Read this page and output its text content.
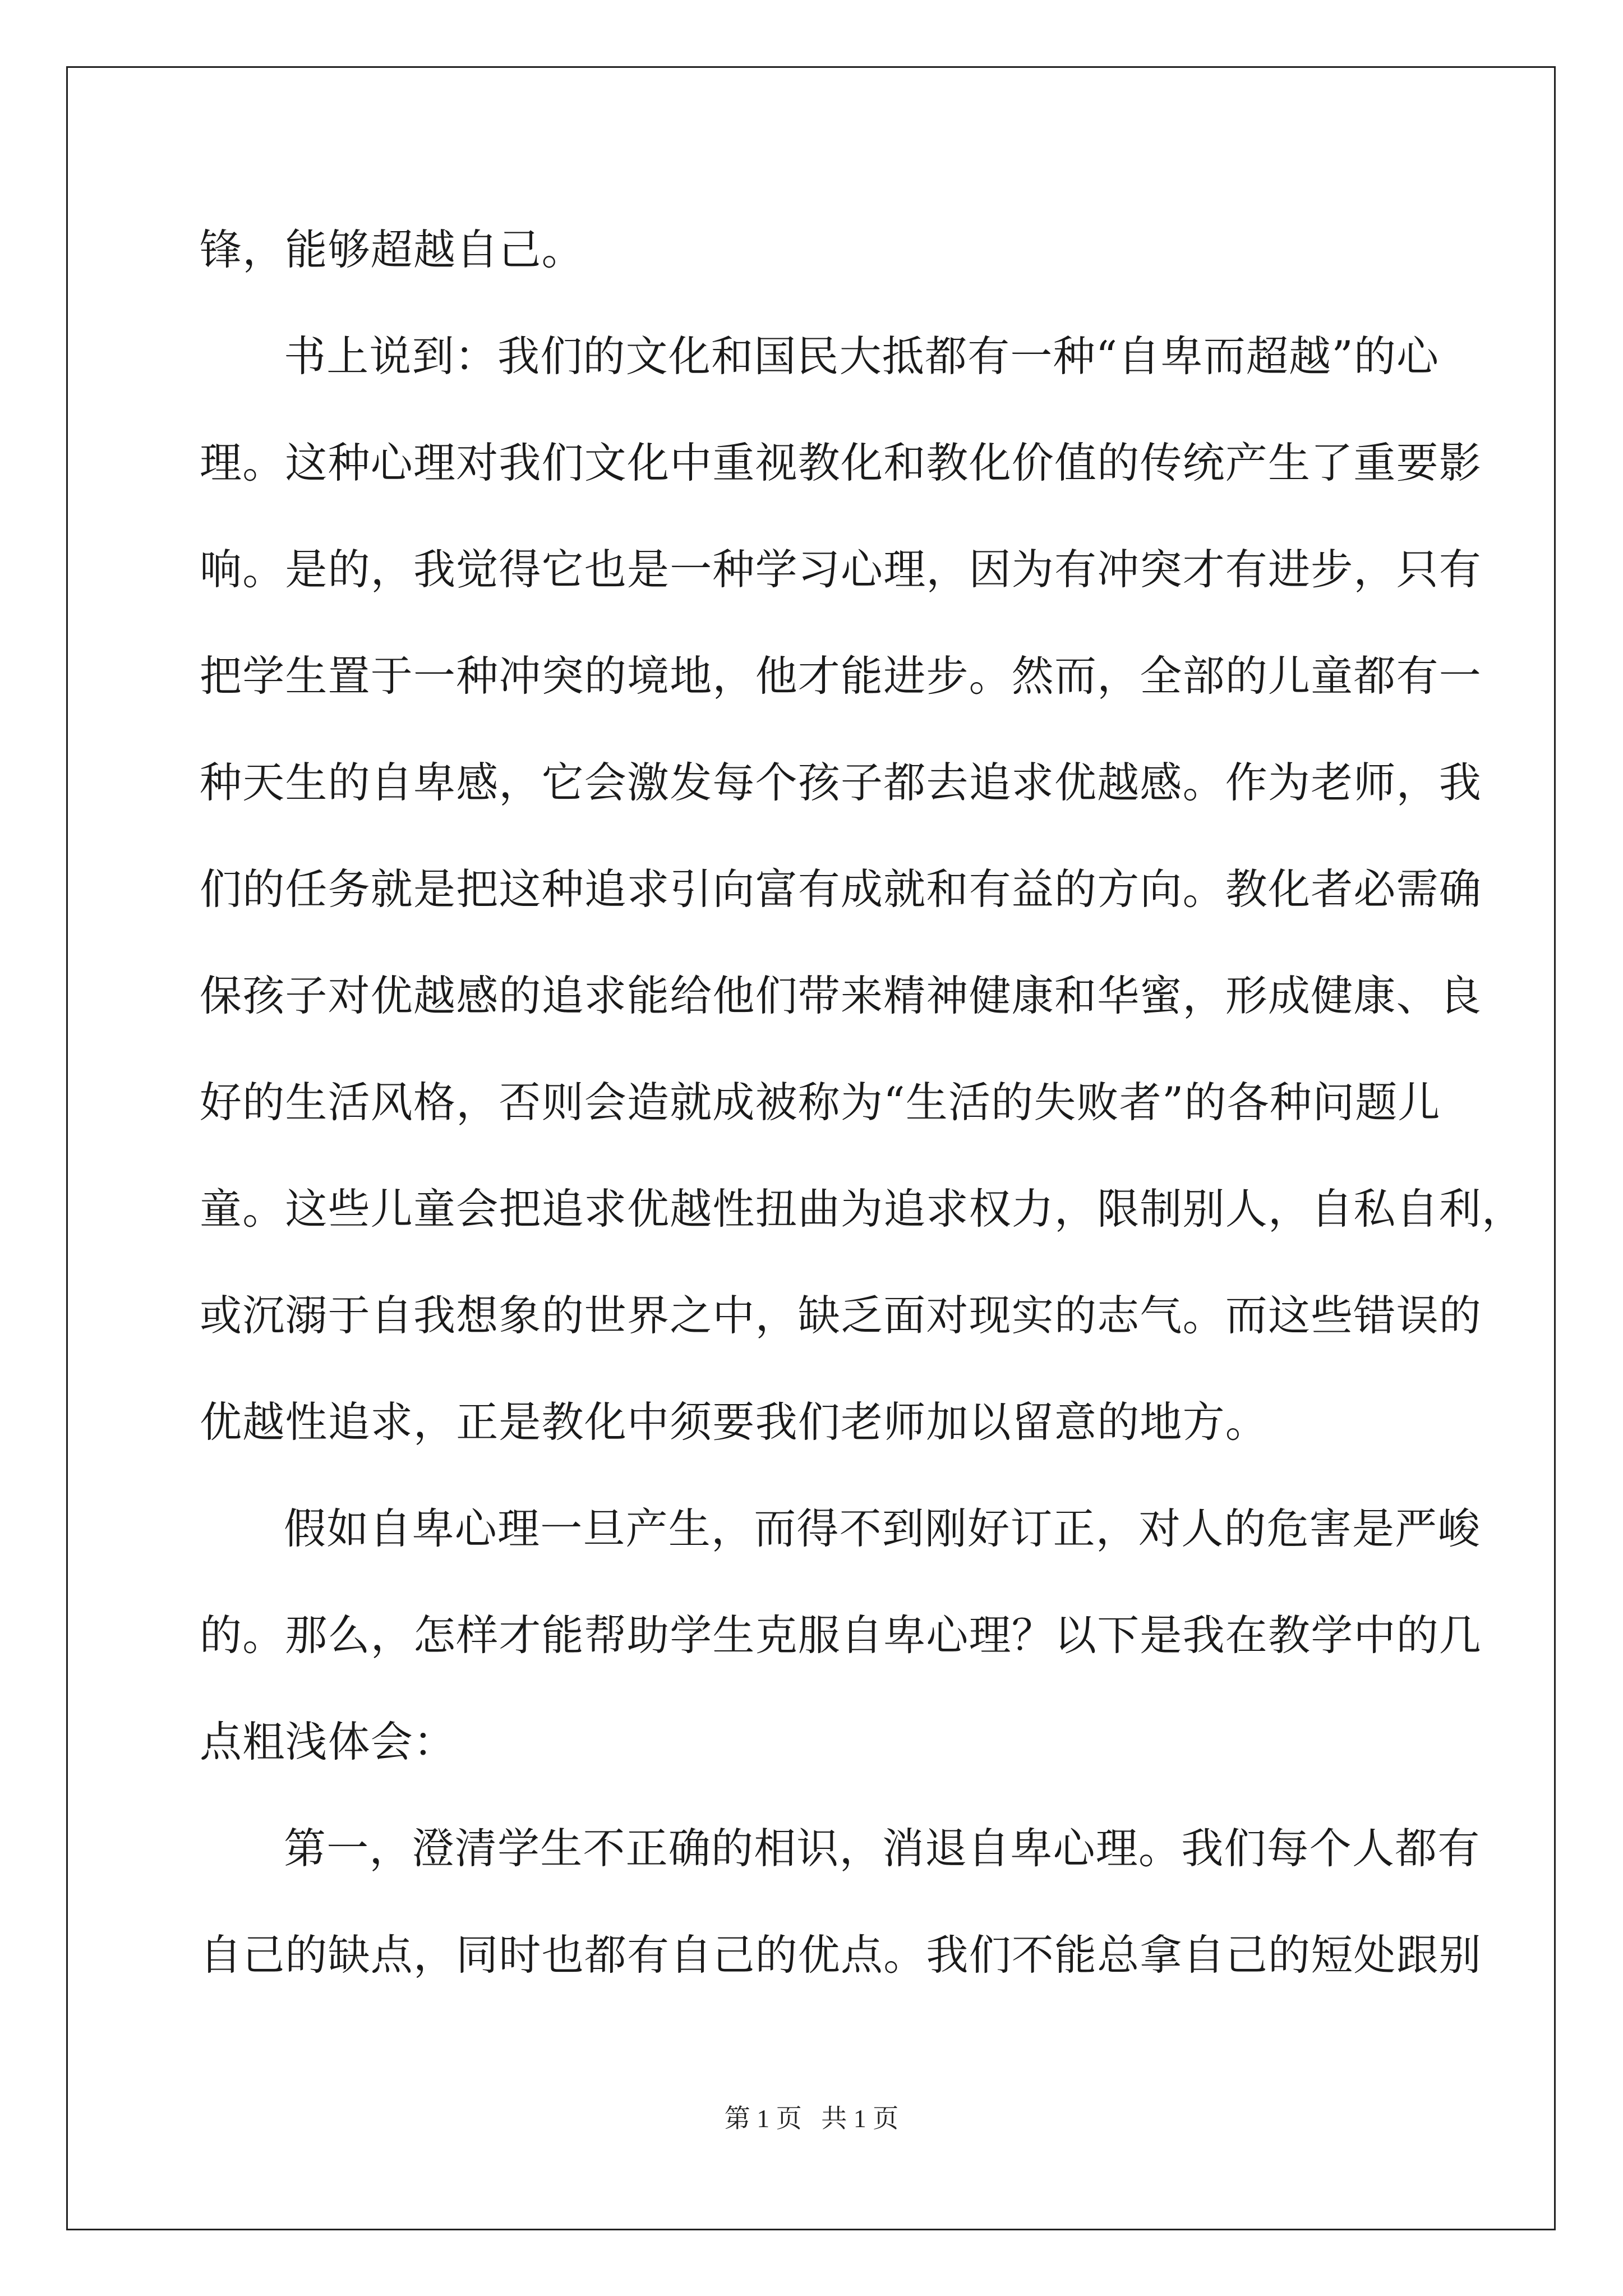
锋，能够超越自己。
书上说到：我们的文化和国民大抵都有一种“自卑而超越”的心
理。这种心理对我们文化中重视教化和教化价值的传统产生了重要影
响。是的，我觉得它也是一种学习心理，因为有冲突才有进步，只有
把学生置于一种冲突的境地，他才能进步。然而，全部的儿童都有一
种天生的自卑感，它会激发每个孩子都去追求优越感。作为老师，我
们的任务就是把这种追求引向富有成就和有益的方向。教化者必需确
保孩子对优越感的追求能给他们带来精神健康和华蜜，形成健康、良
好的生活风格，否则会造就成被称为“生活的失败者”的各种问题儿
童。这些儿童会把追求优越性扭曲为追求权力，限制别人，自私自利，
或沉溺于自我想象的世界之中，缺乏面对现实的志气。而这些错误的
优越性追求，正是教化中须要我们老师加以留意的地方。
假如自卑心理一旦产生，而得不到刚好订正，对人的危害是严峻
的。那么，怎样才能帮助学生克服自卑心理？以下是我在教学中的几
点粗浅体会：
第一，澄清学生不正确的相识，消退自卑心理。我们每个人都有
自己的缺点，同时也都有自己的优点。我们不能总拿自己的短处跟别
第 1 页   共 1 页
